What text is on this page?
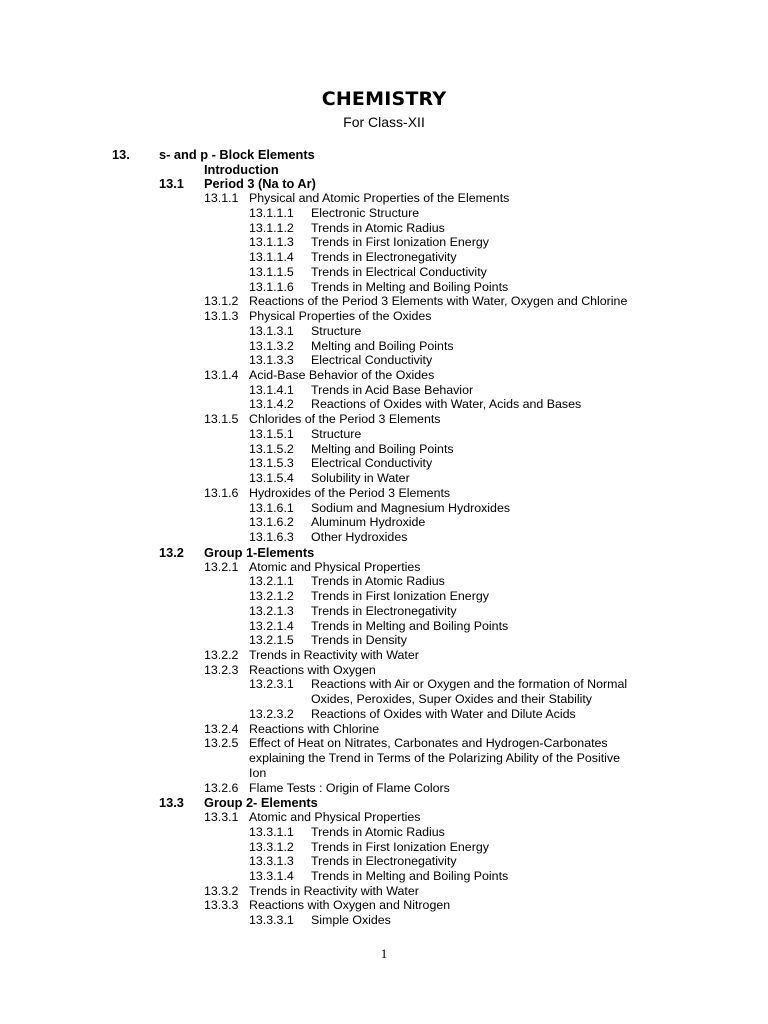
CHEMISTRY
For Class-XII
13. s- and p - Block Elements
Introduction
13.1 Period 3 (Na to Ar)
13.1.1 Physical and Atomic Properties of the Elements
13.1.1.1 Electronic Structure
13.1.1.2 Trends in Atomic Radius
13.1.1.3 Trends in First Ionization Energy
13.1.1.4 Trends in Electronegativity
13.1.1.5 Trends in Electrical Conductivity
13.1.1.6 Trends in Melting and Boiling Points
13.1.2 Reactions of the Period 3 Elements with Water, Oxygen and Chlorine
13.1.3 Physical Properties of the Oxides
13.1.3.1 Structure
13.1.3.2 Melting and Boiling Points
13.1.3.3 Electrical Conductivity
13.1.4 Acid-Base Behavior of the Oxides
13.1.4.1 Trends in Acid Base Behavior
13.1.4.2 Reactions of Oxides with Water, Acids and Bases
13.1.5 Chlorides of the Period 3 Elements
13.1.5.1 Structure
13.1.5.2 Melting and Boiling Points
13.1.5.3 Electrical Conductivity
13.1.5.4 Solubility in Water
13.1.6 Hydroxides of the Period 3 Elements
13.1.6.1 Sodium and Magnesium Hydroxides
13.1.6.2 Aluminum Hydroxide
13.1.6.3 Other Hydroxides
13.2 Group 1-Elements
13.2.1 Atomic and Physical Properties
13.2.1.1 Trends in Atomic Radius
13.2.1.2 Trends in First Ionization Energy
13.2.1.3 Trends in Electronegativity
13.2.1.4 Trends in Melting and Boiling Points
13.2.1.5 Trends in Density
13.2.2 Trends in Reactivity with Water
13.2.3 Reactions with Oxygen
13.2.3.1 Reactions with Air or Oxygen and the formation of Normal
Oxides, Peroxides, Super Oxides and their Stability
13.2.3.2 Reactions of Oxides with Water and Dilute Acids
13.2.4 Reactions with Chlorine
13.2.5 Effect of Heat on Nitrates, Carbonates and Hydrogen-Carbonates
explaining the Trend in Terms of the Polarizing Ability of the Positive
Ion
13.2.6 Flame Tests : Origin of Flame Colors
13.3 Group 2- Elements
13.3.1 Atomic and Physical Properties
13.3.1.1 Trends in Atomic Radius
13.3.1.2 Trends in First Ionization Energy
13.3.1.3 Trends in Electronegativity
13.3.1.4 Trends in Melting and Boiling Points
13.3.2 Trends in Reactivity with Water
13.3.3 Reactions with Oxygen and Nitrogen
13.3.3.1 Simple Oxides
1
